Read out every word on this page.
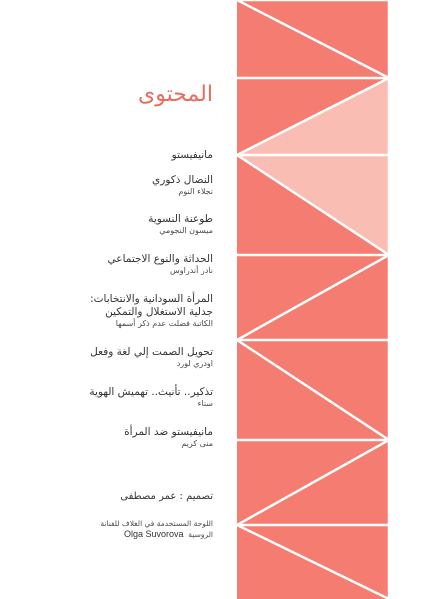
المحتوى
مانيفيستو
النضال ذكوري
نجلاء النوم
طوعنة النسوية
ميسون النجومي
الحداثة والنوع الاجتماعي
نادر أندراوس
المرأة السودانية والانتخابات:
جدلية الاستغلال والتمكين
الكاتبة فضلت عدم ذكر أسمها
تحويل الصمت إلي لغة وفعل
اودري لورد
تذكير.. تأنيث.. تهميش الهوية
سناء
مانيفيستو ضد المرأة
منى كريم
تصميم : عمر مصطفى
اللوحة المستخدمة في الغلاف للفنانة
الروسية  Olga Suvorova
